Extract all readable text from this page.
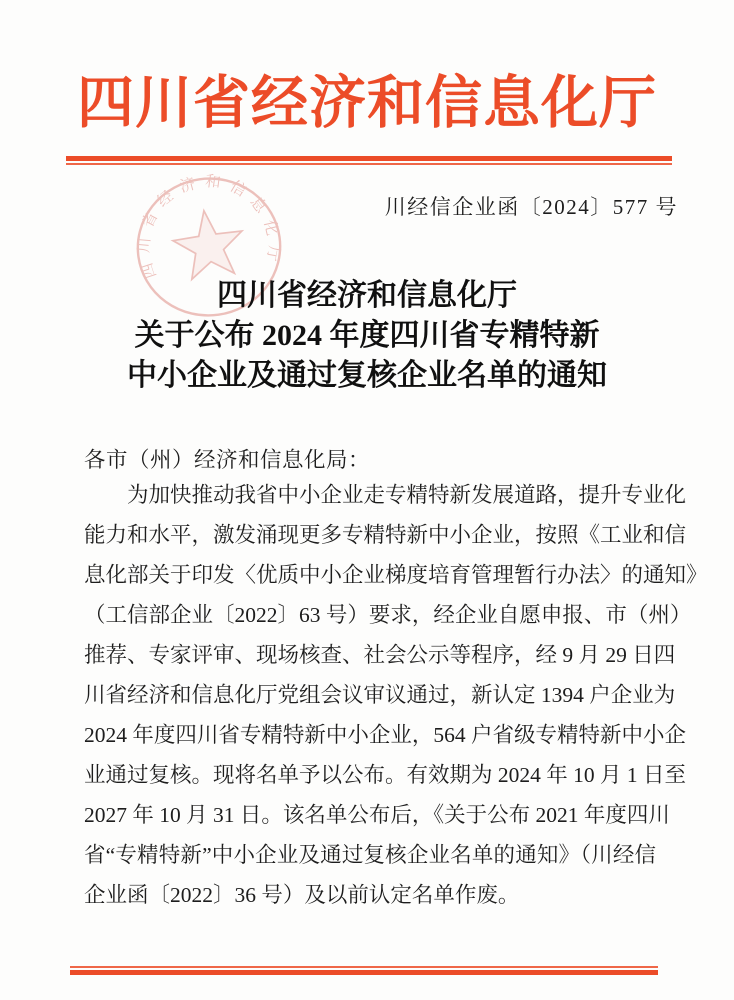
四川省经济和信息化厅
四川省经济和信息化厅
川经信企业函〔2024〕577 号
四川省经济和信息化厅
关于公布 2024 年度四川省专精特新
中小企业及通过复核企业名单的通知
各市（州）经济和信息化局：
为加快推动我省中小企业走专精特新发展道路，提升专业化
能力和水平，激发涌现更多专精特新中小企业，按照《工业和信
息化部关于印发〈优质中小企业梯度培育管理暂行办法〉的通知》
（工信部企业〔2022〕63 号）要求，经企业自愿申报、市（州）
推荐、专家评审、现场核查、社会公示等程序，经 9 月 29 日四
川省经济和信息化厅党组会议审议通过，新认定 1394 户企业为
2024 年度四川省专精特新中小企业，564 户省级专精特新中小企
业通过复核。现将名单予以公布。有效期为 2024 年 10 月 1 日至
2027 年 10 月 31 日。该名单公布后，《关于公布 2021 年度四川
省“专精特新”中小企业及通过复核企业名单的通知》（川经信
企业函〔2022〕36 号）及以前认定名单作废。
